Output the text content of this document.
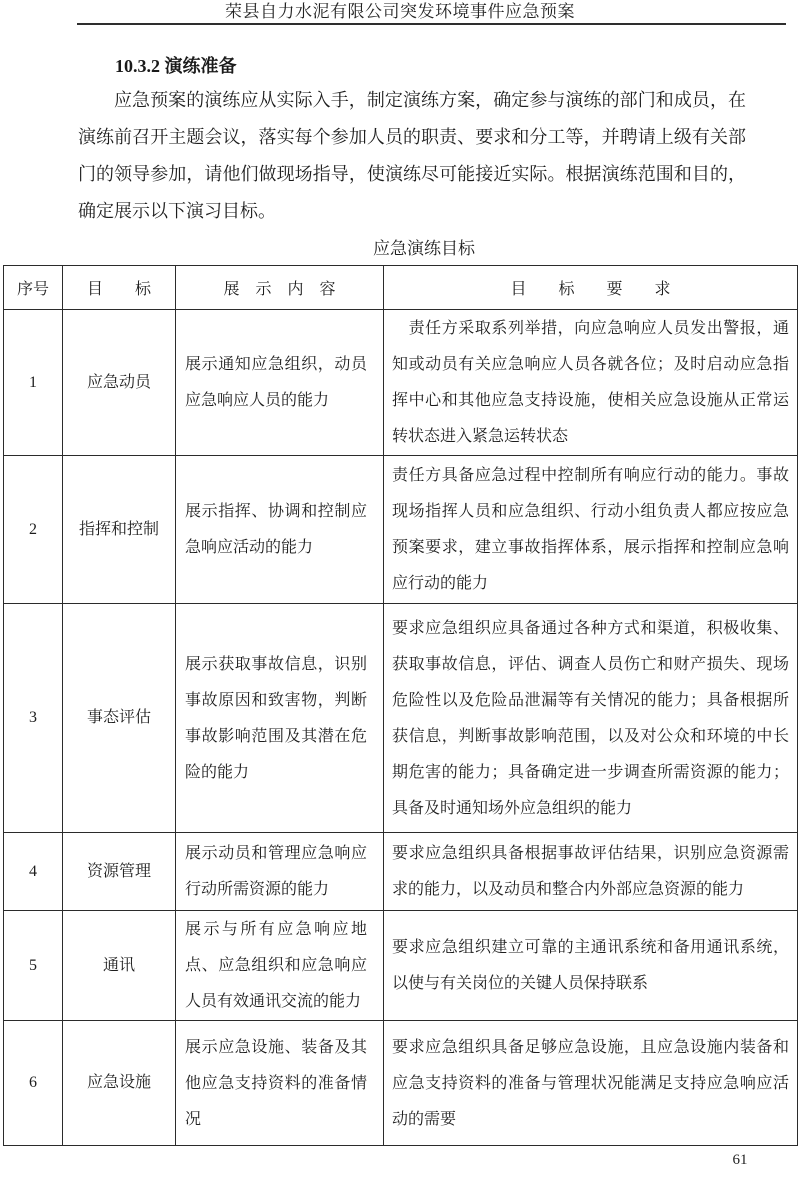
荣县自力水泥有限公司突发环境事件应急预案
10.3.2 演练准备

应急预案的演练应从实际入手，制定演练方案，确定参与演练的部门和成员，在演练前召开主题会议，落实每个参加人员的职责、要求和分工等，并聘请上级有关部门的领导参加，请他们做现场指导，使演练尽可能接近实际。根据演练范围和目的，确定展示以下演习目标。

应急演练目标
序号	目　　标	展　示　内　容	目　　标　　要　　求
1	应急动员	展示通知应急组织，动员应急响应人员的能力	　责任方采取系列举措，向应急响应人员发出警报，通知或动员有关应急响应人员各就各位；及时启动应急指挥中心和其他应急支持设施，使相关应急设施从正常运转状态进入紧急运转状态
2	指挥和控制	展示指挥、协调和控制应急响应活动的能力	责任方具备应急过程中控制所有响应行动的能力。事故现场指挥人员和应急组织、行动小组负责人都应按应急预案要求，建立事故指挥体系，展示指挥和控制应急响应行动的能力
3	事态评估	展示获取事故信息，识别事故原因和致害物，判断事故影响范围及其潜在危险的能力	要求应急组织应具备通过各种方式和渠道，积极收集、获取事故信息，评估、调查人员伤亡和财产损失、现场危险性以及危险品泄漏等有关情况的能力；具备根据所获信息，判断事故影响范围，以及对公众和环境的中长期危害的能力；具备确定进一步调查所需资源的能力；具备及时通知场外应急组织的能力
4	资源管理	展示动员和管理应急响应行动所需资源的能力	要求应急组织具备根据事故评估结果，识别应急资源需求的能力，以及动员和整合内外部应急资源的能力
5	通讯	展示与所有应急响应地点、应急组织和应急响应人员有效通讯交流的能力	要求应急组织建立可靠的主通讯系统和备用通讯系统，以使与有关岗位的关键人员保持联系
6	应急设施	展示应急设施、装备及其他应急支持资料的准备情况	要求应急组织具备足够应急设施，且应急设施内装备和应急支持资料的准备与管理状况能满足支持应急响应活动的需要
61
